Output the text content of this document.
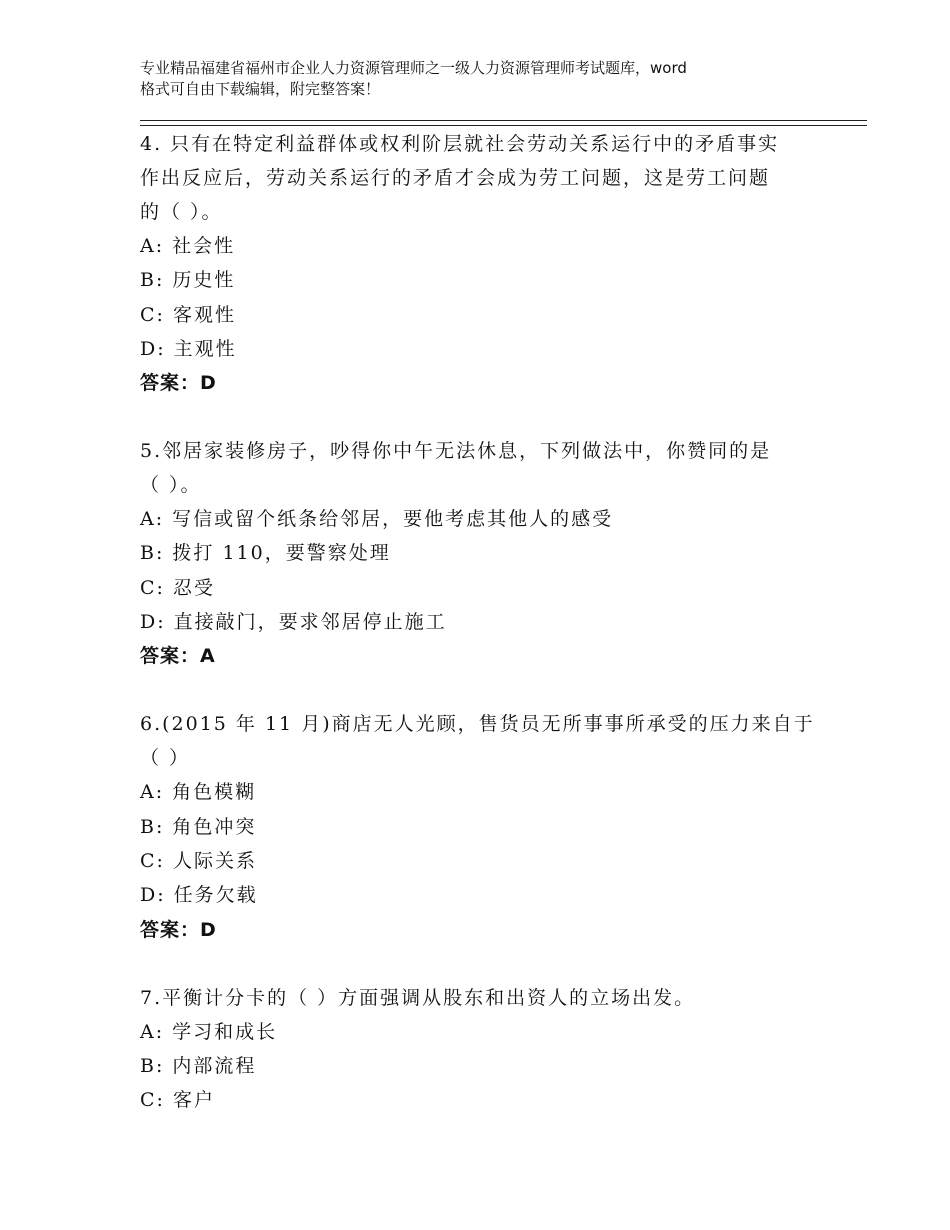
专业精品福建省福州市企业人力资源管理师之一级人力资源管理师考试题库，word
格式可自由下载编辑，附完整答案！

4. 只有在特定利益群体或权利阶层就社会劳动关系运行中的矛盾事实

作出反应后，劳动关系运行的矛盾才会成为劳工问题，这是劳工问题

的（ ）。

A: 社会性

B: 历史性

C: 客观性

D: 主观性

答案：D

5.邻居家装修房子，吵得你中午无法休息，下列做法中，你赞同的是

（ ）。

A: 写信或留个纸条给邻居，要他考虑其他人的感受

B: 拨打 110，要警察处理

C: 忍受

D: 直接敲门，要求邻居停止施工

答案：A

6.(2015 年 11 月)商店无人光顾，售货员无所事事所承受的压力来自于

（ ）

A: 角色模糊

B: 角色冲突

C: 人际关系

D: 任务欠载

答案：D

7.平衡计分卡的（ ）方面强调从股东和出资人的立场出发。

A: 学习和成长

B: 内部流程

C: 客户
